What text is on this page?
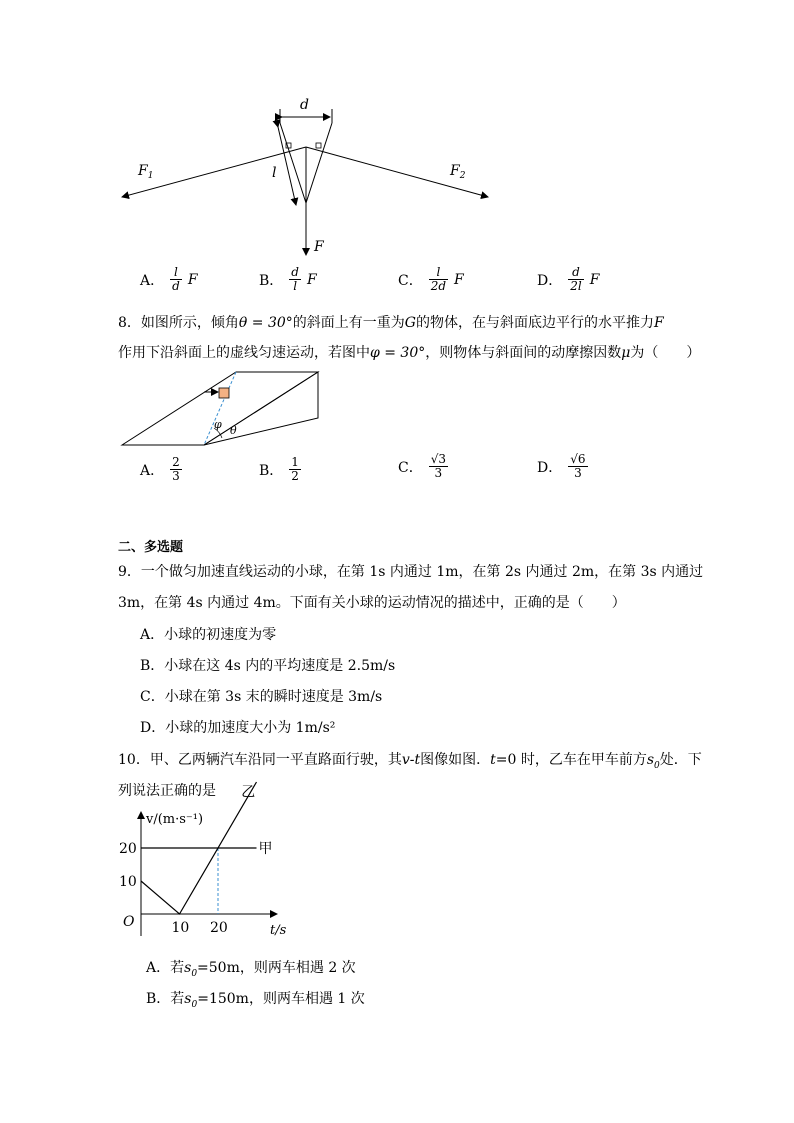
d
l
$F_1$	$F_2$
F
A． $\frac{l}{d}$ F	B． $\frac{d}{l}$ F	C． $\frac{l}{2d}$ F	D． $\frac{d}{2l}$ F
8．如图所示，倾角θ = 30°的斜面上有一重为G的物体，在与斜面底边平行的水平推力F
作用下沿斜面上的虚线匀速运动，若图中φ = 30°，则物体与斜面间的动摩擦因数μ为（　　）
φ θ
A． $\frac{2}{3}$	B． $\frac{1}{2}$	C． $\frac{√3}{3}$	D． $\frac{√6}{3}$
二、多选题
9．一个做匀加速直线运动的小球，在第 1s 内通过 1m，在第 2s 内通过 2m，在第 3s 内通过
3m，在第 4s 内通过 4m。下面有关小球的运动情况的描述中，正确的是（　　）
A．小球的初速度为零
B．小球在这 4s 内的平均速度是 2.5m/s
C．小球在第 3s 末的瞬时速度是 3m/s
D．小球的加速度大小为 1m/s²
10．甲、乙两辆汽车沿同一平直路面行驶，其v-t图像如图．t=0 时，乙车在甲车前方$s_0$处．下
列说法正确的是
O
v/(m·s⁻¹)
t/s
10
20
10 20
甲
乙
A．若$s_0=50m$，则两车相遇 2 次
B．若$s_0=150m$，则两车相遇 1 次
